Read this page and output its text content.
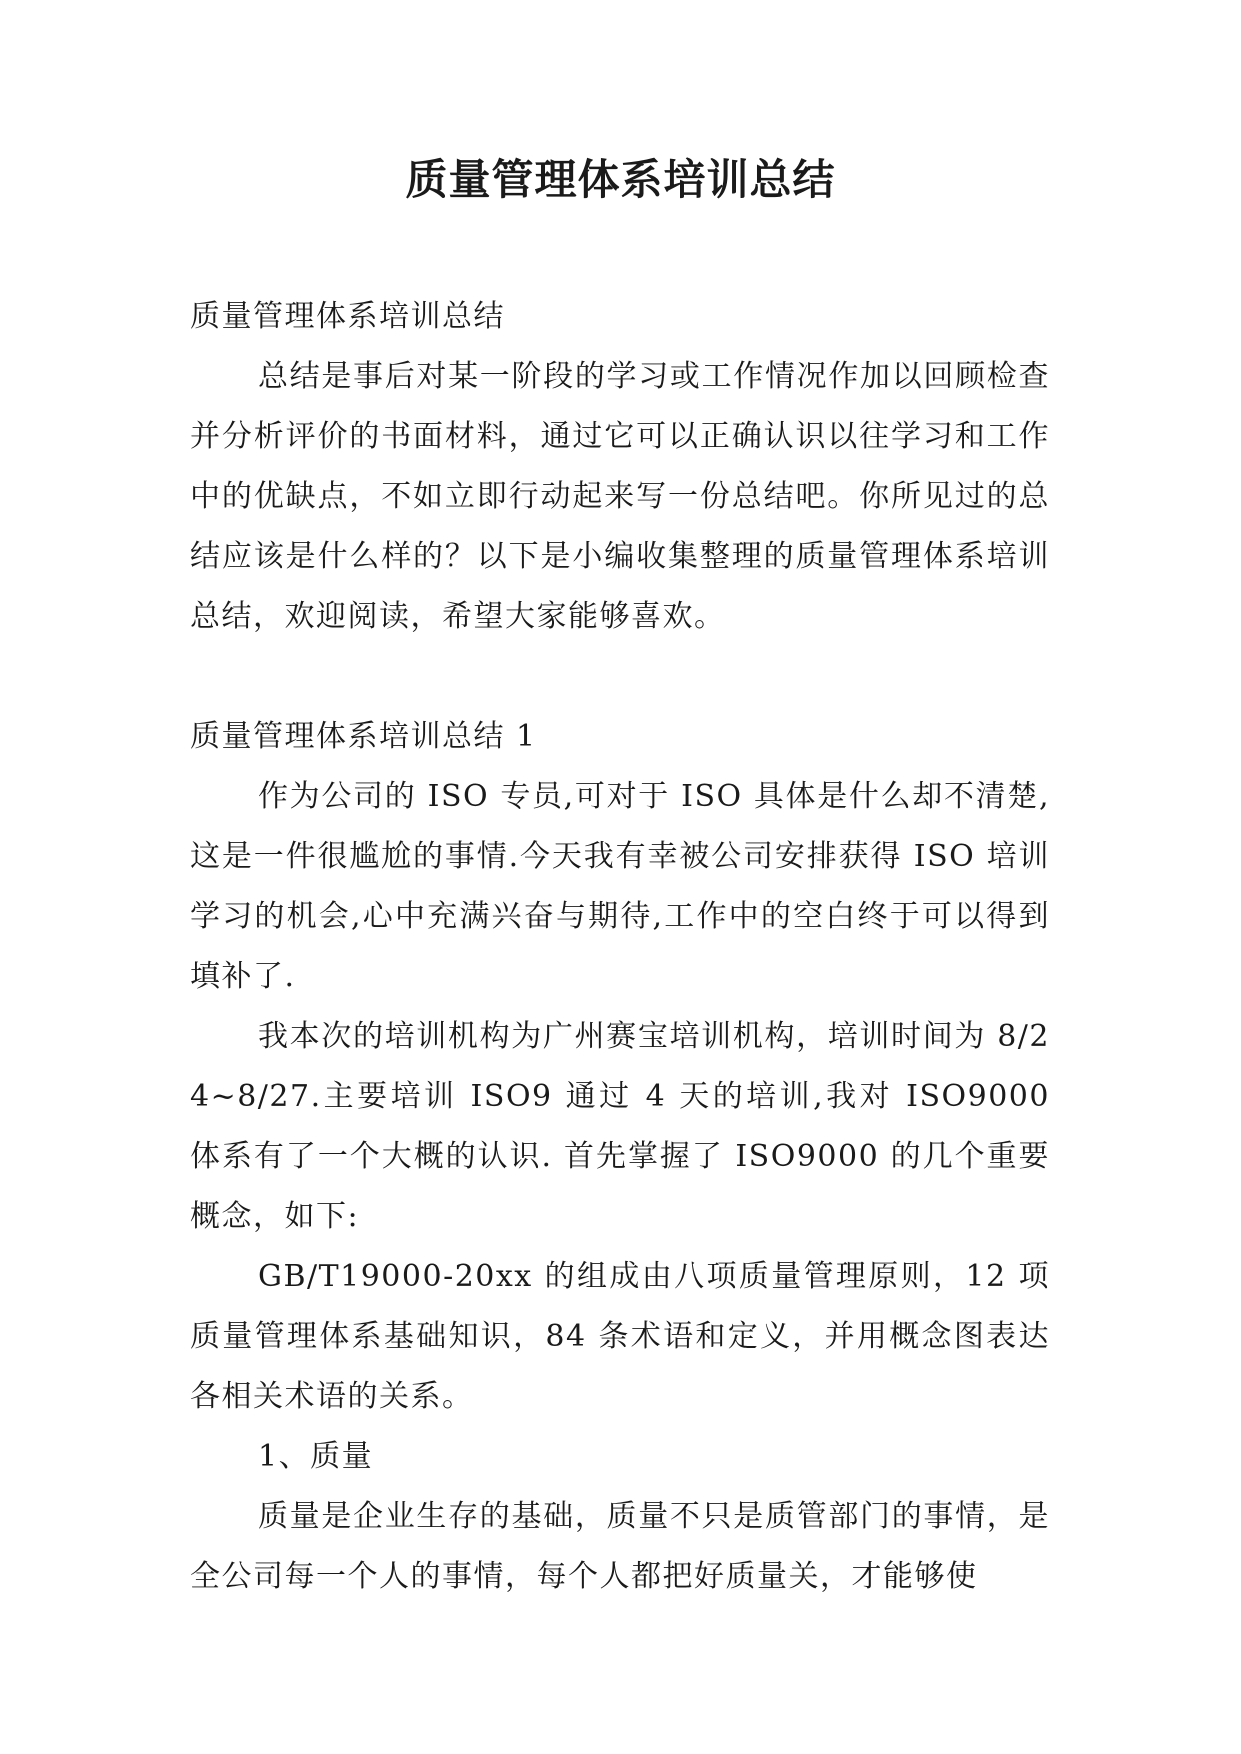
质量管理体系培训总结

质量管理体系培训总结

总结是事后对某一阶段的学习或工作情况作加以回顾检查并分析评价的书面材料，通过它可以正确认识以往学习和工作中的优缺点，不如立即行动起来写一份总结吧。你所见过的总结应该是什么样的？以下是小编收集整理的质量管理体系培训总结，欢迎阅读，希望大家能够喜欢。

质量管理体系培训总结 1

作为公司的 ISO 专员,可对于 ISO 具体是什么却不清楚,这是一件很尴尬的事情.今天我有幸被公司安排获得 ISO 培训学习的机会,心中充满兴奋与期待,工作中的空白终于可以得到填补了.

我本次的培训机构为广州赛宝培训机构，培训时间为 8/24~8/27.主要培训 ISO9 通过 4 天的培训,我对 ISO9000 体系有了一个大概的认识. 首先掌握了 ISO9000 的几个重要概念，如下:

GB/T19000-20xx 的组成由八项质量管理原则，12 项质量管理体系基础知识，84 条术语和定义，并用概念图表达各相关术语的关系。

1、质量

质量是企业生存的基础，质量不只是质管部门的事情，是全公司每一个人的事情，每个人都把好质量关，才能够使
